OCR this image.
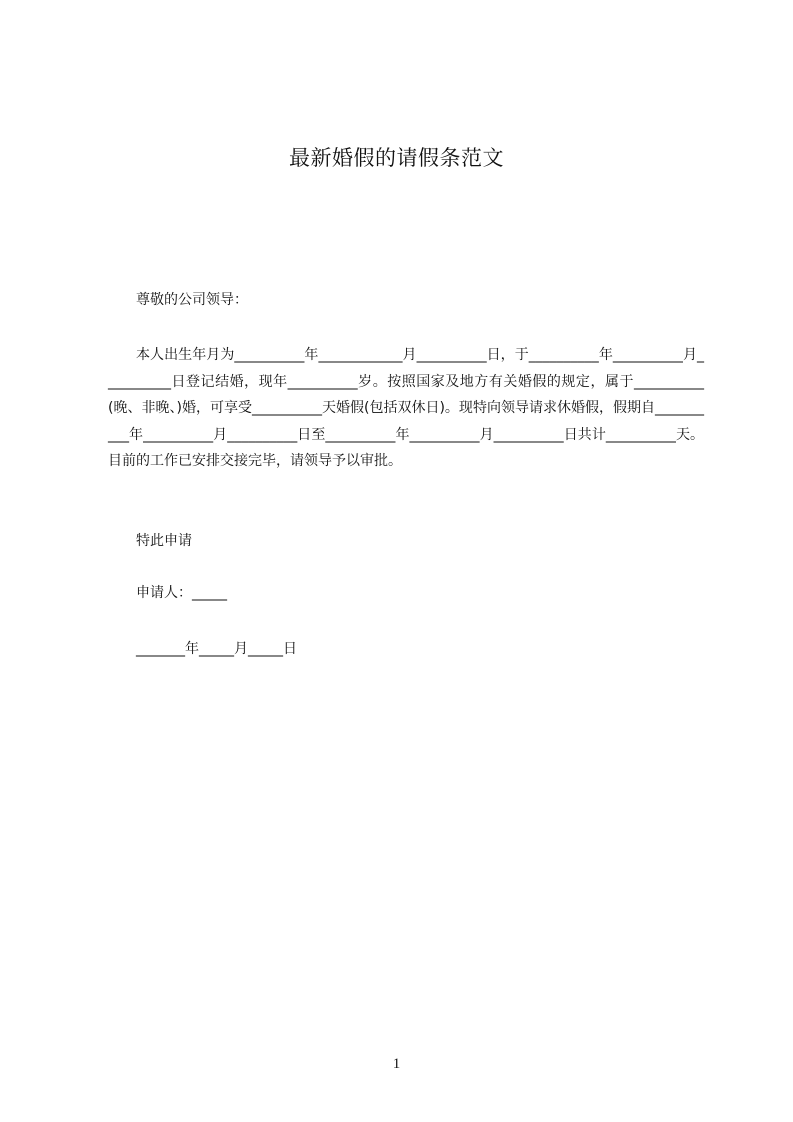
最新婚假的请假条范文
尊敬的公司领导：
本人出生年月为__________年____________月__________日，于__________年__________月__________日登记结婚，现年__________岁。按照国家及地方有关婚假的规定，属于__________(晚、非晚、)婚，可享受__________天婚假(包括双休日)。现特向领导请求休婚假，假期自__________年__________月__________日至__________年__________月__________日共计__________天。目前的工作已安排交接完毕，请领导予以审批。
特此申请
申请人：_____
_______年_____月_____日
1
